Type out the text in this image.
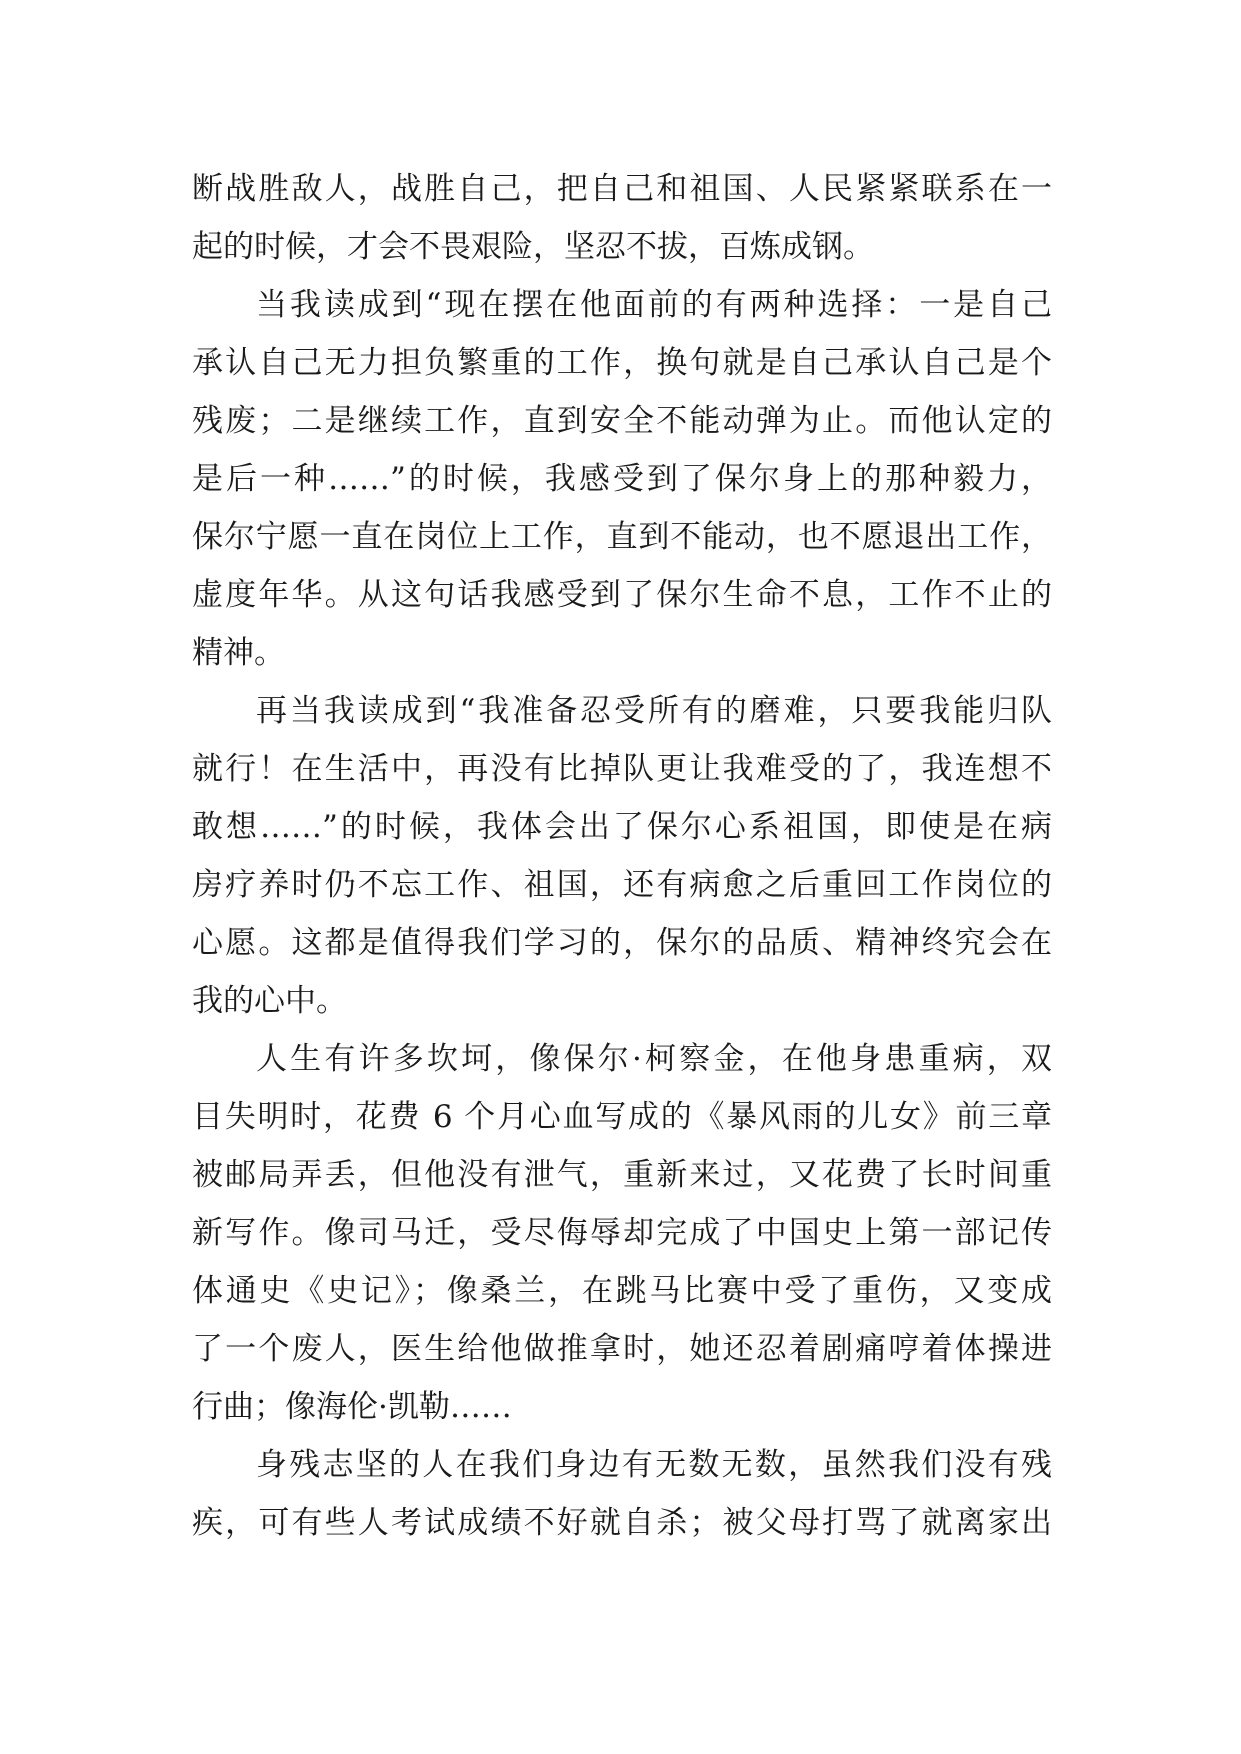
断战胜敌人，战胜自己，把自己和祖国、人民紧紧联系在一
起的时候，才会不畏艰险，坚忍不拔，百炼成钢。
当我读成到“现在摆在他面前的有两种选择：一是自己
承认自己无力担负繁重的工作，换句就是自己承认自己是个
残废；二是继续工作，直到安全不能动弹为止。而他认定的
是后一种……”的时候，我感受到了保尔身上的那种毅力，
保尔宁愿一直在岗位上工作，直到不能动，也不愿退出工作，
虚度年华。从这句话我感受到了保尔生命不息，工作不止的
精神。
再当我读成到“我准备忍受所有的磨难，只要我能归队
就行！在生活中，再没有比掉队更让我难受的了，我连想不
敢想……”的时候，我体会出了保尔心系祖国，即使是在病
房疗养时仍不忘工作、祖国，还有病愈之后重回工作岗位的
心愿。这都是值得我们学习的，保尔的品质、精神终究会在
我的心中。
人生有许多坎坷，像保尔·柯察金，在他身患重病，双
目失明时，花费 6 个月心血写成的《暴风雨的儿女》前三章
被邮局弄丢，但他没有泄气，重新来过，又花费了长时间重
新写作。像司马迁，受尽侮辱却完成了中国史上第一部记传
体通史《史记》；像桑兰，在跳马比赛中受了重伤，又变成
了一个废人，医生给他做推拿时，她还忍着剧痛哼着体操进
行曲；像海伦·凯勒……
身残志坚的人在我们身边有无数无数，虽然我们没有残
疾，可有些人考试成绩不好就自杀；被父母打骂了就离家出
